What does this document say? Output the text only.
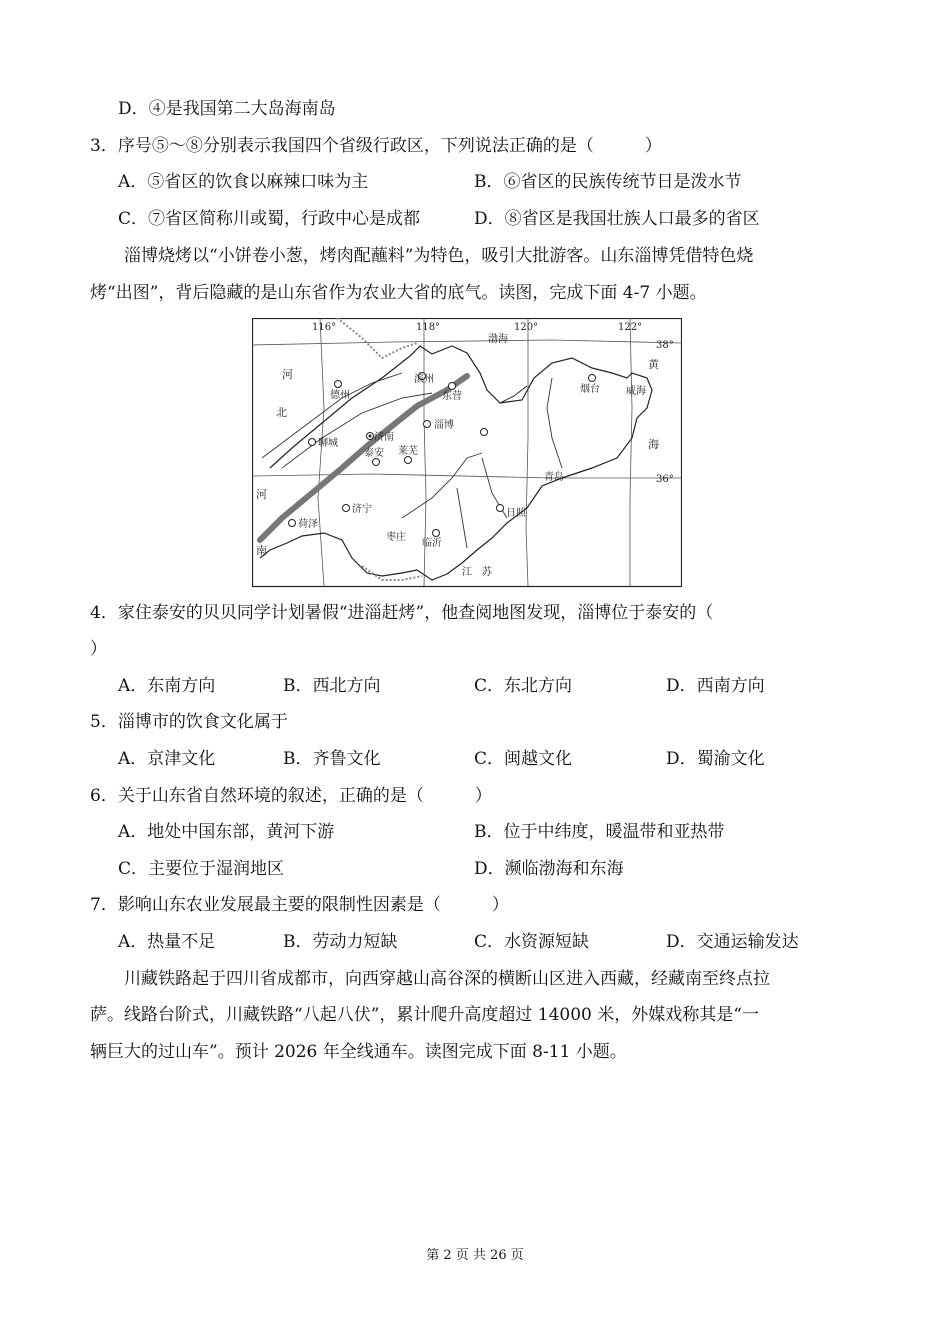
D．④是我国第二大岛海南岛
3．序号⑤～⑧分别表示我国四个省级行政区，下列说法正确的是（　　　）
A．⑤省区的饮食以麻辣口味为主	B．⑥省区的民族传统节日是泼水节
C．⑦省区简称川或蜀，行政中心是成都	D．⑧省区是我国壮族人口最多的省区
淄博烧烤以“小饼卷小葱，烤肉配蘸料”为特色，吸引大批游客。山东淄博凭借特色烧
烤“出图”，背后隐藏的是山东省作为农业大省的底气。读图，完成下面 4-7 小题。
116°	118°	120°	122°
38°
36°
渤海
黄
海
河
北
河
南
江　苏
德州
滨州
东营
烟台	威海
聊城
济南
淄博
泰安 莱芜
青岛
荷泽
济宁	日照
枣庄
临沂
4．家住泰安的贝贝同学计划暑假“进淄赶烤”，他查阅地图发现，淄博位于泰安的（
）
A．东南方向	B．西北方向	C．东北方向	D．西南方向
5．淄博市的饮食文化属于
A．京津文化	B．齐鲁文化	C．闽越文化	D．蜀渝文化
6．关于山东省自然环境的叙述，正确的是（　　　）
A．地处中国东部，黄河下游	B．位于中纬度，暖温带和亚热带
C．主要位于湿润地区	D．濒临渤海和东海
7．影响山东农业发展最主要的限制性因素是（　　　）
A．热量不足	B．劳动力短缺	C．水资源短缺	D．交通运输发达
川藏铁路起于四川省成都市，向西穿越山高谷深的横断山区进入西藏，经藏南至终点拉
萨。线路台阶式，川藏铁路“八起八伏”，累计爬升高度超过 14000 米，外媒戏称其是“一
辆巨大的过山车”。预计 2026 年全线通车。读图完成下面 8-11 小题。
第 2 页 共 26 页
